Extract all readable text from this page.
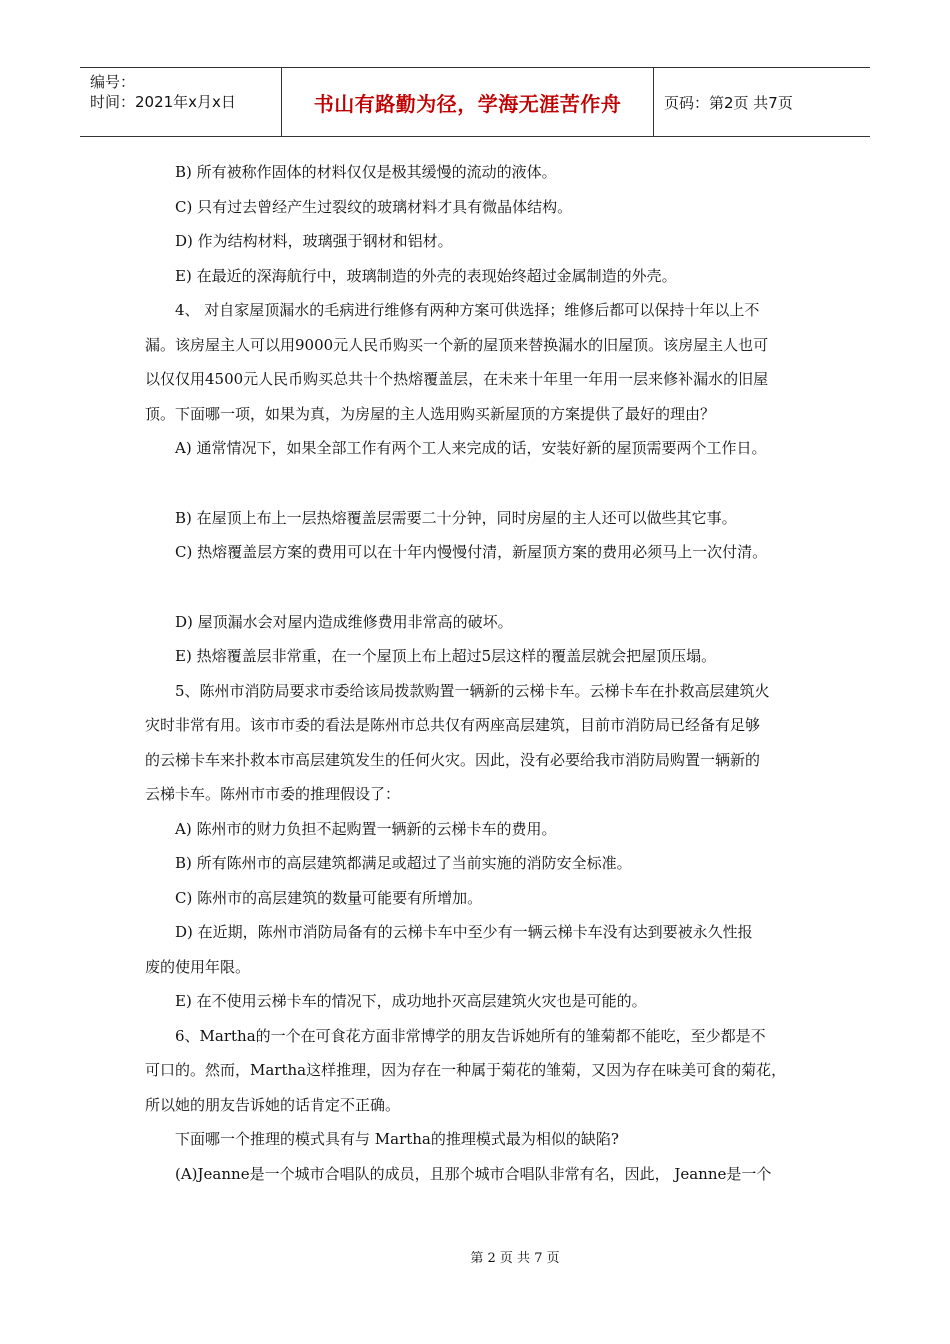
编号：
时间：2021年x月x日	书山有路勤为径，学海无涯苦作舟	页码：第2页 共7页
B) 所有被称作固体的材料仅仅是极其缓慢的流动的液体。
C) 只有过去曾经产生过裂纹的玻璃材料才具有微晶体结构。
D) 作为结构材料，玻璃强于钢材和铝材。
E) 在最近的深海航行中，玻璃制造的外壳的表现始终超过金属制造的外壳。
4、 对自家屋顶漏水的毛病进行维修有两种方案可供选择；维修后都可以保持十年以上不
漏。该房屋主人可以用9000元人民币购买一个新的屋顶来替换漏水的旧屋顶。该房屋主人也可
以仅仅用4500元人民币购买总共十个热熔覆盖层，在未来十年里一年用一层来修补漏水的旧屋
顶。下面哪一项，如果为真，为房屋的主人选用购买新屋顶的方案提供了最好的理由？
A) 通常情况下，如果全部工作有两个工人来完成的话，安装好新的屋顶需要两个工作日。
B) 在屋顶上布上一层热熔覆盖层需要二十分钟，同时房屋的主人还可以做些其它事。
C) 热熔覆盖层方案的费用可以在十年内慢慢付清，新屋顶方案的费用必须马上一次付清。
D) 屋顶漏水会对屋内造成维修费用非常高的破坏。
E) 热熔覆盖层非常重，在一个屋顶上布上超过5层这样的覆盖层就会把屋顶压塌。
5、陈州市消防局要求市委给该局拨款购置一辆新的云梯卡车。云梯卡车在扑救高层建筑火
灾时非常有用。该市市委的看法是陈州市总共仅有两座高层建筑，目前市消防局已经备有足够
的云梯卡车来扑救本市高层建筑发生的任何火灾。因此，没有必要给我市消防局购置一辆新的
云梯卡车。陈州市市委的推理假设了：
A) 陈州市的财力负担不起购置一辆新的云梯卡车的费用。
B) 所有陈州市的高层建筑都满足或超过了当前实施的消防安全标准。
C) 陈州市的高层建筑的数量可能要有所增加。
D) 在近期，陈州市消防局备有的云梯卡车中至少有一辆云梯卡车没有达到要被永久性报
废的使用年限。
E) 在不使用云梯卡车的情况下，成功地扑灭高层建筑火灾也是可能的。
6、Martha的一个在可食花方面非常博学的朋友告诉她所有的雏菊都不能吃，至少都是不
可口的。然而，Martha这样推理，因为存在一种属于菊花的雏菊，又因为存在味美可食的菊花，
所以她的朋友告诉她的话肯定不正确。
下面哪一个推理的模式具有与 Martha的推理模式最为相似的缺陷?
(A)Jeanne是一个城市合唱队的成员，且那个城市合唱队非常有名，因此， Jeanne是一个
第 2 页 共 7 页
